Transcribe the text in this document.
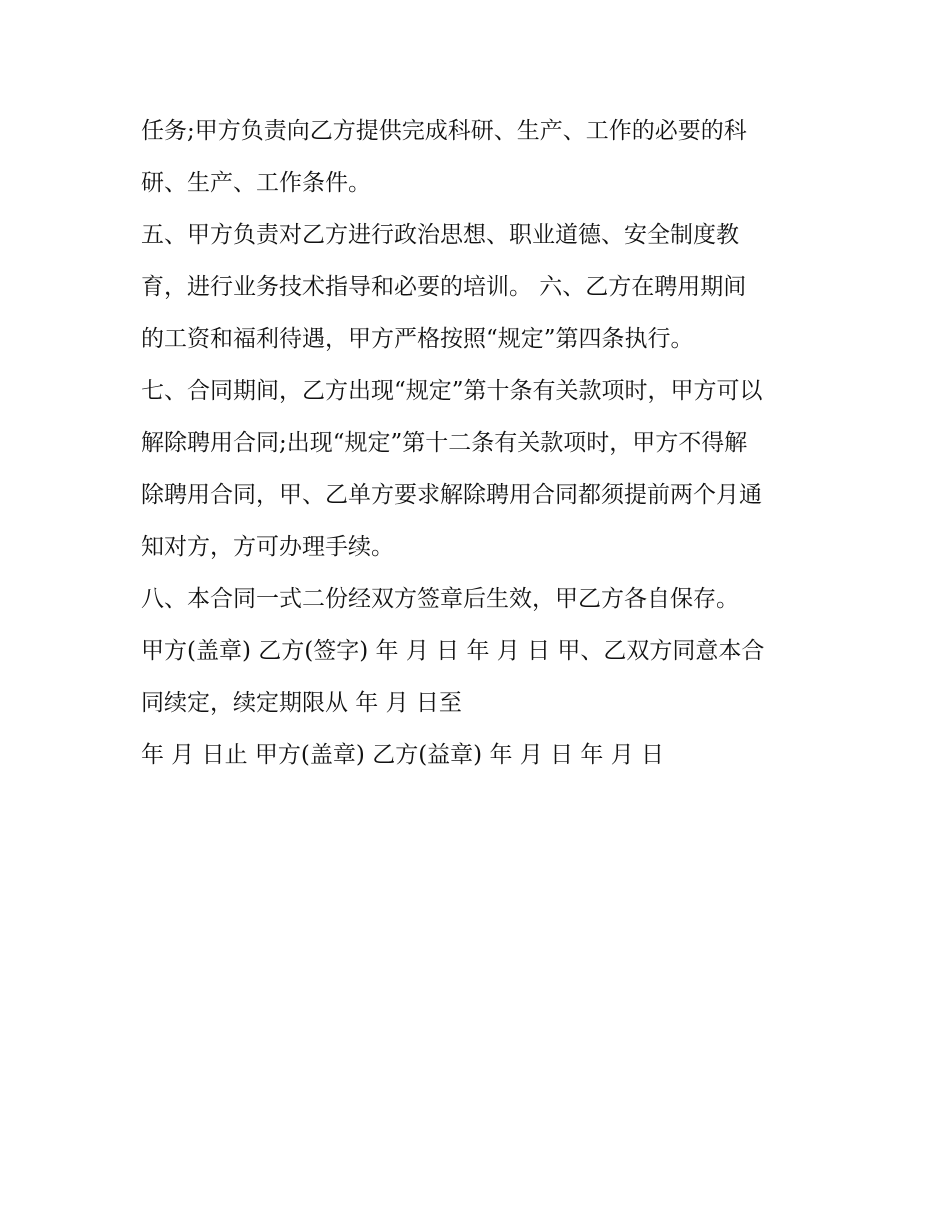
任务;甲方负责向乙方提供完成科研、生产、工作的必要的科
研、生产、工作条件。
五、甲方负责对乙方进行政治思想、职业道德、安全制度教
育，进行业务技术指导和必要的培训。 六、乙方在聘用期间
的工资和福利待遇，甲方严格按照“规定”第四条执行。
七、合同期间，乙方出现“规定”第十条有关款项时，甲方可以
解除聘用合同;出现“规定”第十二条有关款项时，甲方不得解
除聘用合同，甲、乙单方要求解除聘用合同都须提前两个月通
知对方，方可办理手续。
八、本合同一式二份经双方签章后生效，甲乙方各自保存。
甲方(盖章) 乙方(签字) 年 月 日 年 月 日 甲、乙双方同意本合
同续定，续定期限从 年 月 日至
年 月 日止 甲方(盖章) 乙方(益章) 年 月 日 年 月 日
